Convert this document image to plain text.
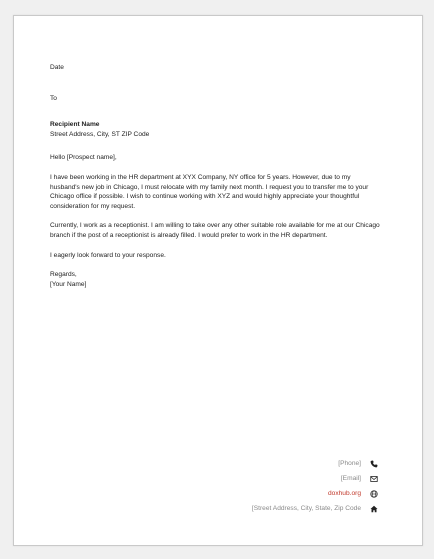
Date

To

Recipient Name

Street Address, City, ST ZIP Code

Hello [Prospect name],

I have been working in the HR department at XYX Company, NY office for 5 years. However, due to my husband's new job in Chicago, I must relocate with my family next month. I request you to transfer me to your Chicago office if possible. I wish to continue working with XYZ and would highly appreciate your thoughtful consideration for my request.

Currently, I work as a receptionist. I am willing to take over any other suitable role available for me at our Chicago branch if the post of a receptionist is already filled. I would prefer to work in the HR department.

I eagerly look forward to your response.

Regards,

[Your Name]

[Phone]
[Email]
doxhub.org
[Street Address, City, State, Zip Code
